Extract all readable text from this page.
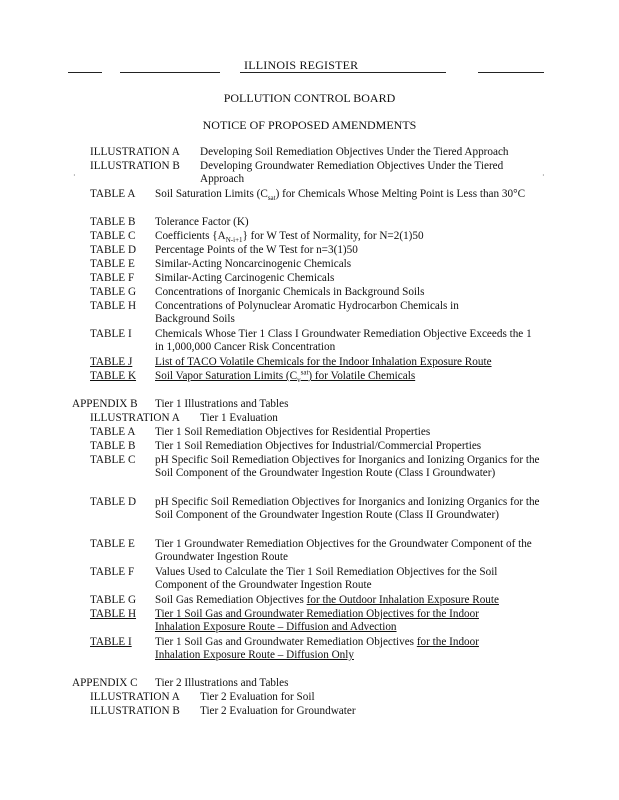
ILLINOIS REGISTER
POLLUTION CONTROL BOARD
NOTICE OF PROPOSED AMENDMENTS
ILLUSTRATION A Developing Soil Remediation Objectives Under the Tiered Approach
ILLUSTRATION B Developing Groundwater Remediation Objectives Under the Tiered Approach
·	·
TABLE A Soil Saturation Limits $(C_{sat})$ for Chemicals Whose Melting Point is Less than 30°C
TABLE B Tolerance Factor (K)
TABLE C Coefficients $\{A_{N-i+1}\}$ for W Test of Normality, for N=2(1)50
TABLE D Percentage Points of the W Test for n=3(1)50
TABLE E Similar-Acting Noncarcinogenic Chemicals
TABLE F Similar-Acting Carcinogenic Chemicals
TABLE G Concentrations of Inorganic Chemicals in Background Soils
TABLE H Concentrations of Polynuclear Aromatic Hydrocarbon Chemicals in Background Soils
TABLE I Chemicals Whose Tier 1 Class I Groundwater Remediation Objective Exceeds the 1 in 1,000,000 Cancer Risk Concentration
TABLE J List of TACO Volatile Chemicals for the Indoor Inhalation Exposure Route
TABLE K Soil Vapor Saturation Limits $(C_v^{sat})$ for Volatile Chemicals
APPENDIX B Tier 1 Illustrations and Tables
ILLUSTRATION A Tier 1 Evaluation
TABLE A Tier 1 Soil Remediation Objectives for Residential Properties
TABLE B Tier 1 Soil Remediation Objectives for Industrial/Commercial Properties
TABLE C pH Specific Soil Remediation Objectives for Inorganics and Ionizing Organics for the Soil Component of the Groundwater Ingestion Route (Class I Groundwater)
TABLE D pH Specific Soil Remediation Objectives for Inorganics and Ionizing Organics for the Soil Component of the Groundwater Ingestion Route (Class II Groundwater)
TABLE E Tier 1 Groundwater Remediation Objectives for the Groundwater Component of the Groundwater Ingestion Route
TABLE F Values Used to Calculate the Tier 1 Soil Remediation Objectives for the Soil Component of the Groundwater Ingestion Route
TABLE G Soil Gas Remediation Objectives for the Outdoor Inhalation Exposure Route
TABLE H Tier 1 Soil Gas and Groundwater Remediation Objectives for the Indoor Inhalation Exposure Route – Diffusion and Advection
TABLE I Tier 1 Soil Gas and Groundwater Remediation Objectives for the Indoor Inhalation Exposure Route – Diffusion Only
APPENDIX C Tier 2 Illustrations and Tables
ILLUSTRATION A Tier 2 Evaluation for Soil
ILLUSTRATION B Tier 2 Evaluation for Groundwater
